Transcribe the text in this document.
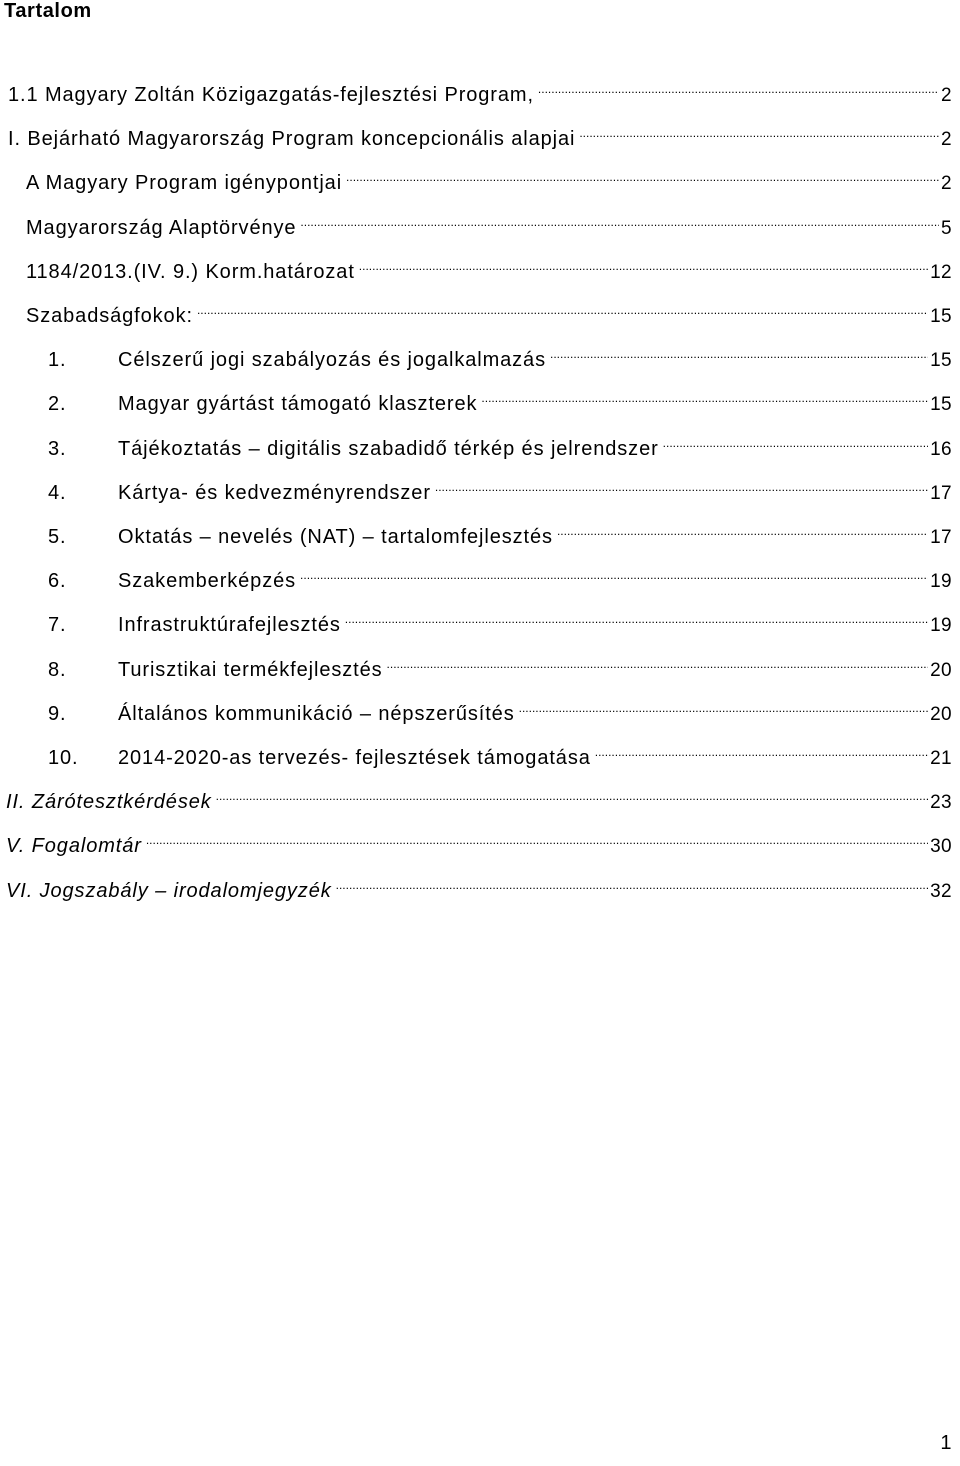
Tartalom
1.1 Magyary Zoltán Közigazgatás-fejlesztési Program, .....	2
I. Bejárható Magyarország Program koncepcionális alapjai .....	2
A Magyary Program igénypontjai .....	2
Magyarország Alaptörvénye .....	5
1184/2013.(IV. 9.) Korm.határozat .....	12
Szabadságfokok: .....	15
1.	Célszerű jogi szabályozás és jogalkalmazás .....	15
2.	Magyar gyártást támogató klaszterek .....	15
3.	Tájékoztatás – digitális szabadidő térkép és jelrendszer .....	16
4.	Kártya- és kedvezményrendszer .....	17
5.	Oktatás – nevelés (NAT) – tartalomfejlesztés .....	17
6.	Szakemberképzés .....	19
7.	Infrastruktúrafejlesztés .....	19
8.	Turisztikai termékfejlesztés .....	20
9.	Általános kommunikáció – népszerűsítés .....	20
10.	2014-2020-as tervezés- fejlesztések támogatása .....	21
II. Zárótesztkérdések .....	23
V. Fogalomtár .....	30
VI. Jogszabály – irodalomjegyzék .....	32
1
